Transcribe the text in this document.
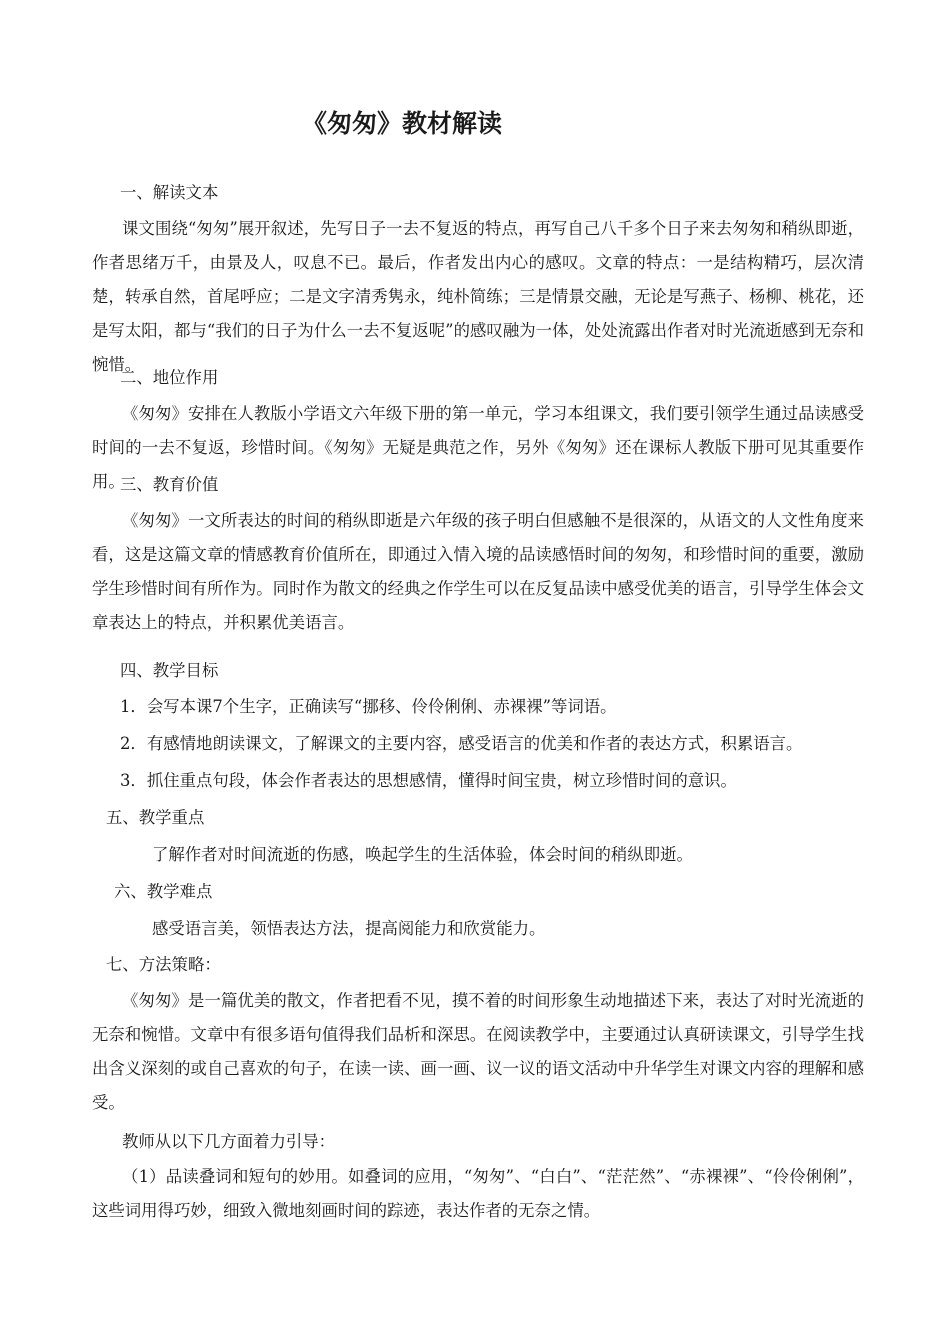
《匆匆》教材解读
一、解读文本
课文围绕“匆匆”展开叙述，先写日子一去不复返的特点，再写自己八千多个日子来去匆匆和稍纵即逝，作者思绪万千，由景及人，叹息不已。最后，作者发出内心的感叹。文章的特点：一是结构精巧，层次清楚，转承自然，首尾呼应；二是文字清秀隽永，纯朴简练；三是情景交融，无论是写燕子、杨柳、桃花，还是写太阳，都与“我们的日子为什么一去不复返呢”的感叹融为一体，处处流露出作者对时光流逝感到无奈和惋惜。
二、地位作用
《匆匆》安排在人教版小学语文六年级下册的第一单元，学习本组课文，我们要引领学生通过品读感受时间的一去不复返，珍惜时间。《匆匆》无疑是典范之作，另外《匆匆》还在课标人教版下册可见其重要作用。
三、教育价值
《匆匆》一文所表达的时间的稍纵即逝是六年级的孩子明白但感触不是很深的，从语文的人文性角度来看，这是这篇文章的情感教育价值所在，即通过入情入境的品读感悟时间的匆匆，和珍惜时间的重要，激励学生珍惜时间有所作为。同时作为散文的经典之作学生可以在反复品读中感受优美的语言，引导学生体会文章表达上的特点，并积累优美语言。
四、教学目标
1．会写本课7个生字，正确读写“挪移、伶伶俐俐、赤裸裸”等词语。
2．有感情地朗读课文，了解课文的主要内容，感受语言的优美和作者的表达方式，积累语言。
3．抓住重点句段，体会作者表达的思想感情，懂得时间宝贵，树立珍惜时间的意识。
五、教学重点
了解作者对时间流逝的伤感，唤起学生的生活体验，体会时间的稍纵即逝。
六、教学难点
感受语言美，领悟表达方法，提高阅能力和欣赏能力。
七、方法策略：
《匆匆》是一篇优美的散文，作者把看不见，摸不着的时间形象生动地描述下来，表达了对时光流逝的无奈和惋惜。文章中有很多语句值得我们品析和深思。在阅读教学中，主要通过认真研读课文，引导学生找出含义深刻的或自己喜欢的句子，在读一读、画一画、议一议的语文活动中升华学生对课文内容的理解和感受。
教师从以下几方面着力引导：
（1）品读叠词和短句的妙用。如叠词的应用，“匆匆”、“白白”、“茫茫然”、“赤裸裸”、“伶伶俐俐”，这些词用得巧妙，细致入微地刻画时间的踪迹，表达作者的无奈之情。
